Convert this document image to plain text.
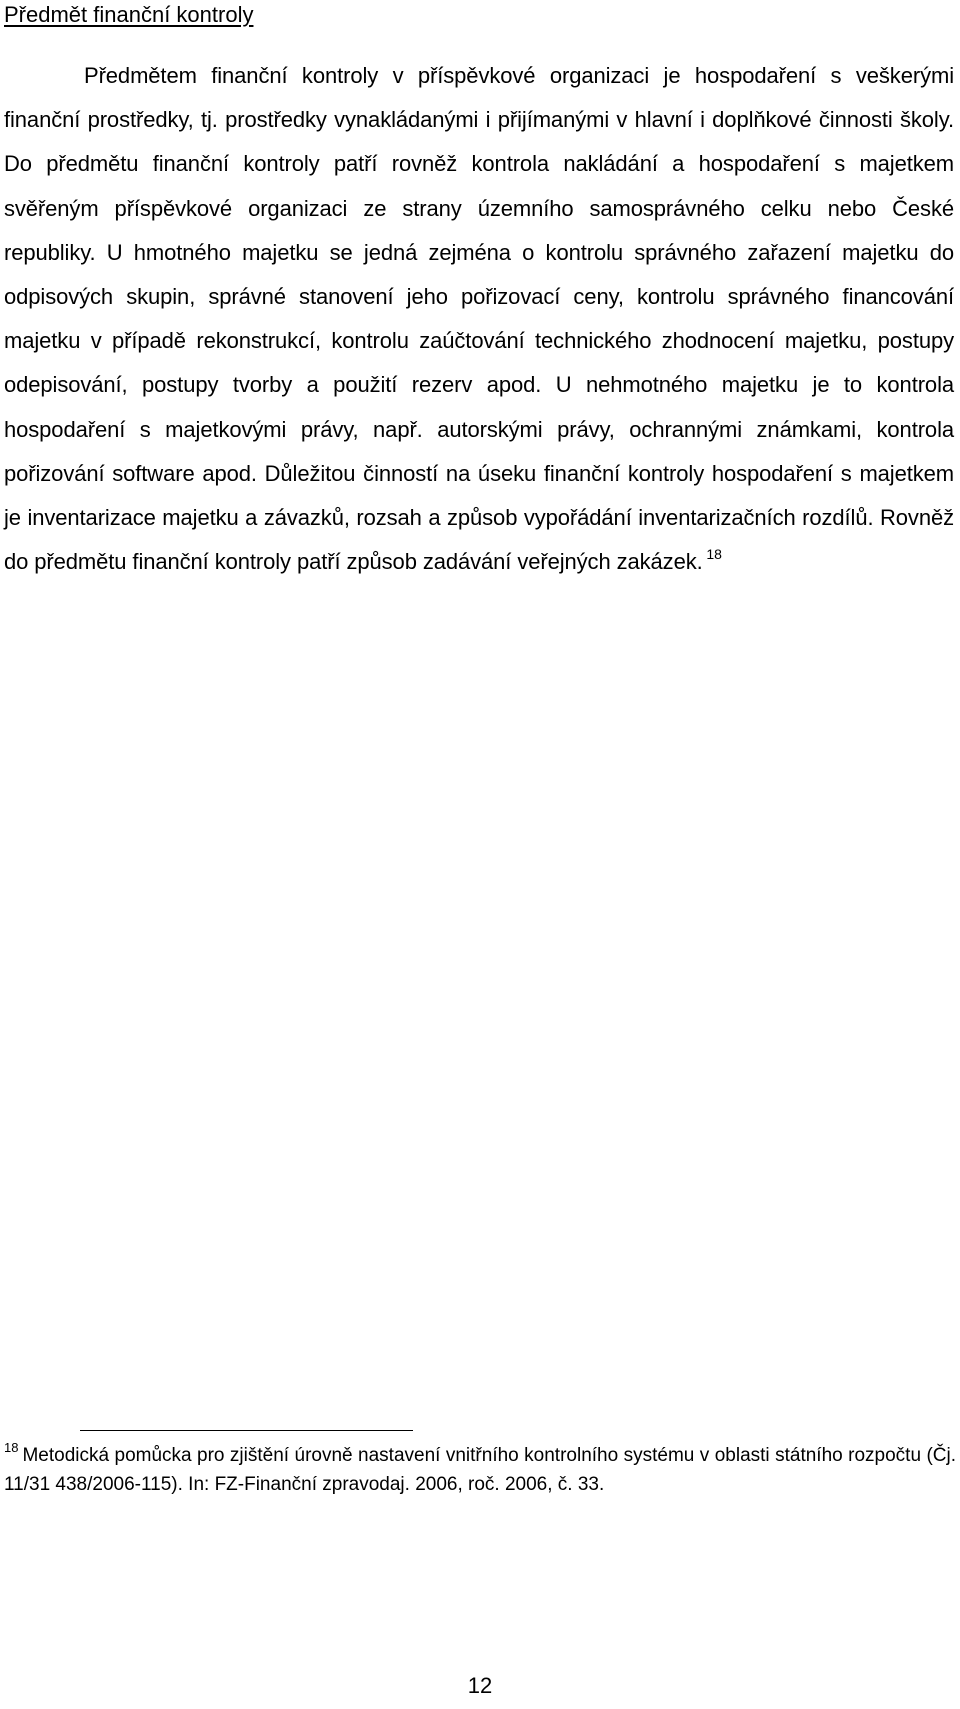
Předmět finanční kontroly

Předmětem finanční kontroly v příspěvkové organizaci je hospodaření s veškerými finanční prostředky, tj. prostředky vynakládanými i přijímanými v hlavní i doplňkové činnosti školy. Do předmětu finanční kontroly patří rovněž kontrola nakládání a hospodaření s majetkem svěřeným příspěvkové organizaci ze strany územního samosprávného celku nebo České republiky. U hmotného majetku se jedná zejména o kontrolu správného zařazení majetku do odpisových skupin, správné stanovení jeho pořizovací ceny, kontrolu správného financování majetku v případě rekonstrukcí, kontrolu zaúčtování technického zhodnocení majetku, postupy odepisování, postupy tvorby a použití rezerv apod. U nehmotného majetku je to kontrola hospodaření s majetkovými právy, např. autorskými právy, ochrannými známkami, kontrola pořizování software apod. Důležitou činností na úseku finanční kontroly hospodaření s majetkem je inventarizace majetku a závazků, rozsah a způsob vypořádání inventarizačních rozdílů. Rovněž do předmětu finanční kontroly patří způsob zadávání veřejných zakázek. $^{18}$

$^{18}$ Metodická pomůcka pro zjištění úrovně nastavení vnitřního kontrolního systému v oblasti státního rozpočtu (Čj. 11/31 438/2006-115). In: FZ-Finanční zpravodaj. 2006, roč. 2006, č. 33.

12
